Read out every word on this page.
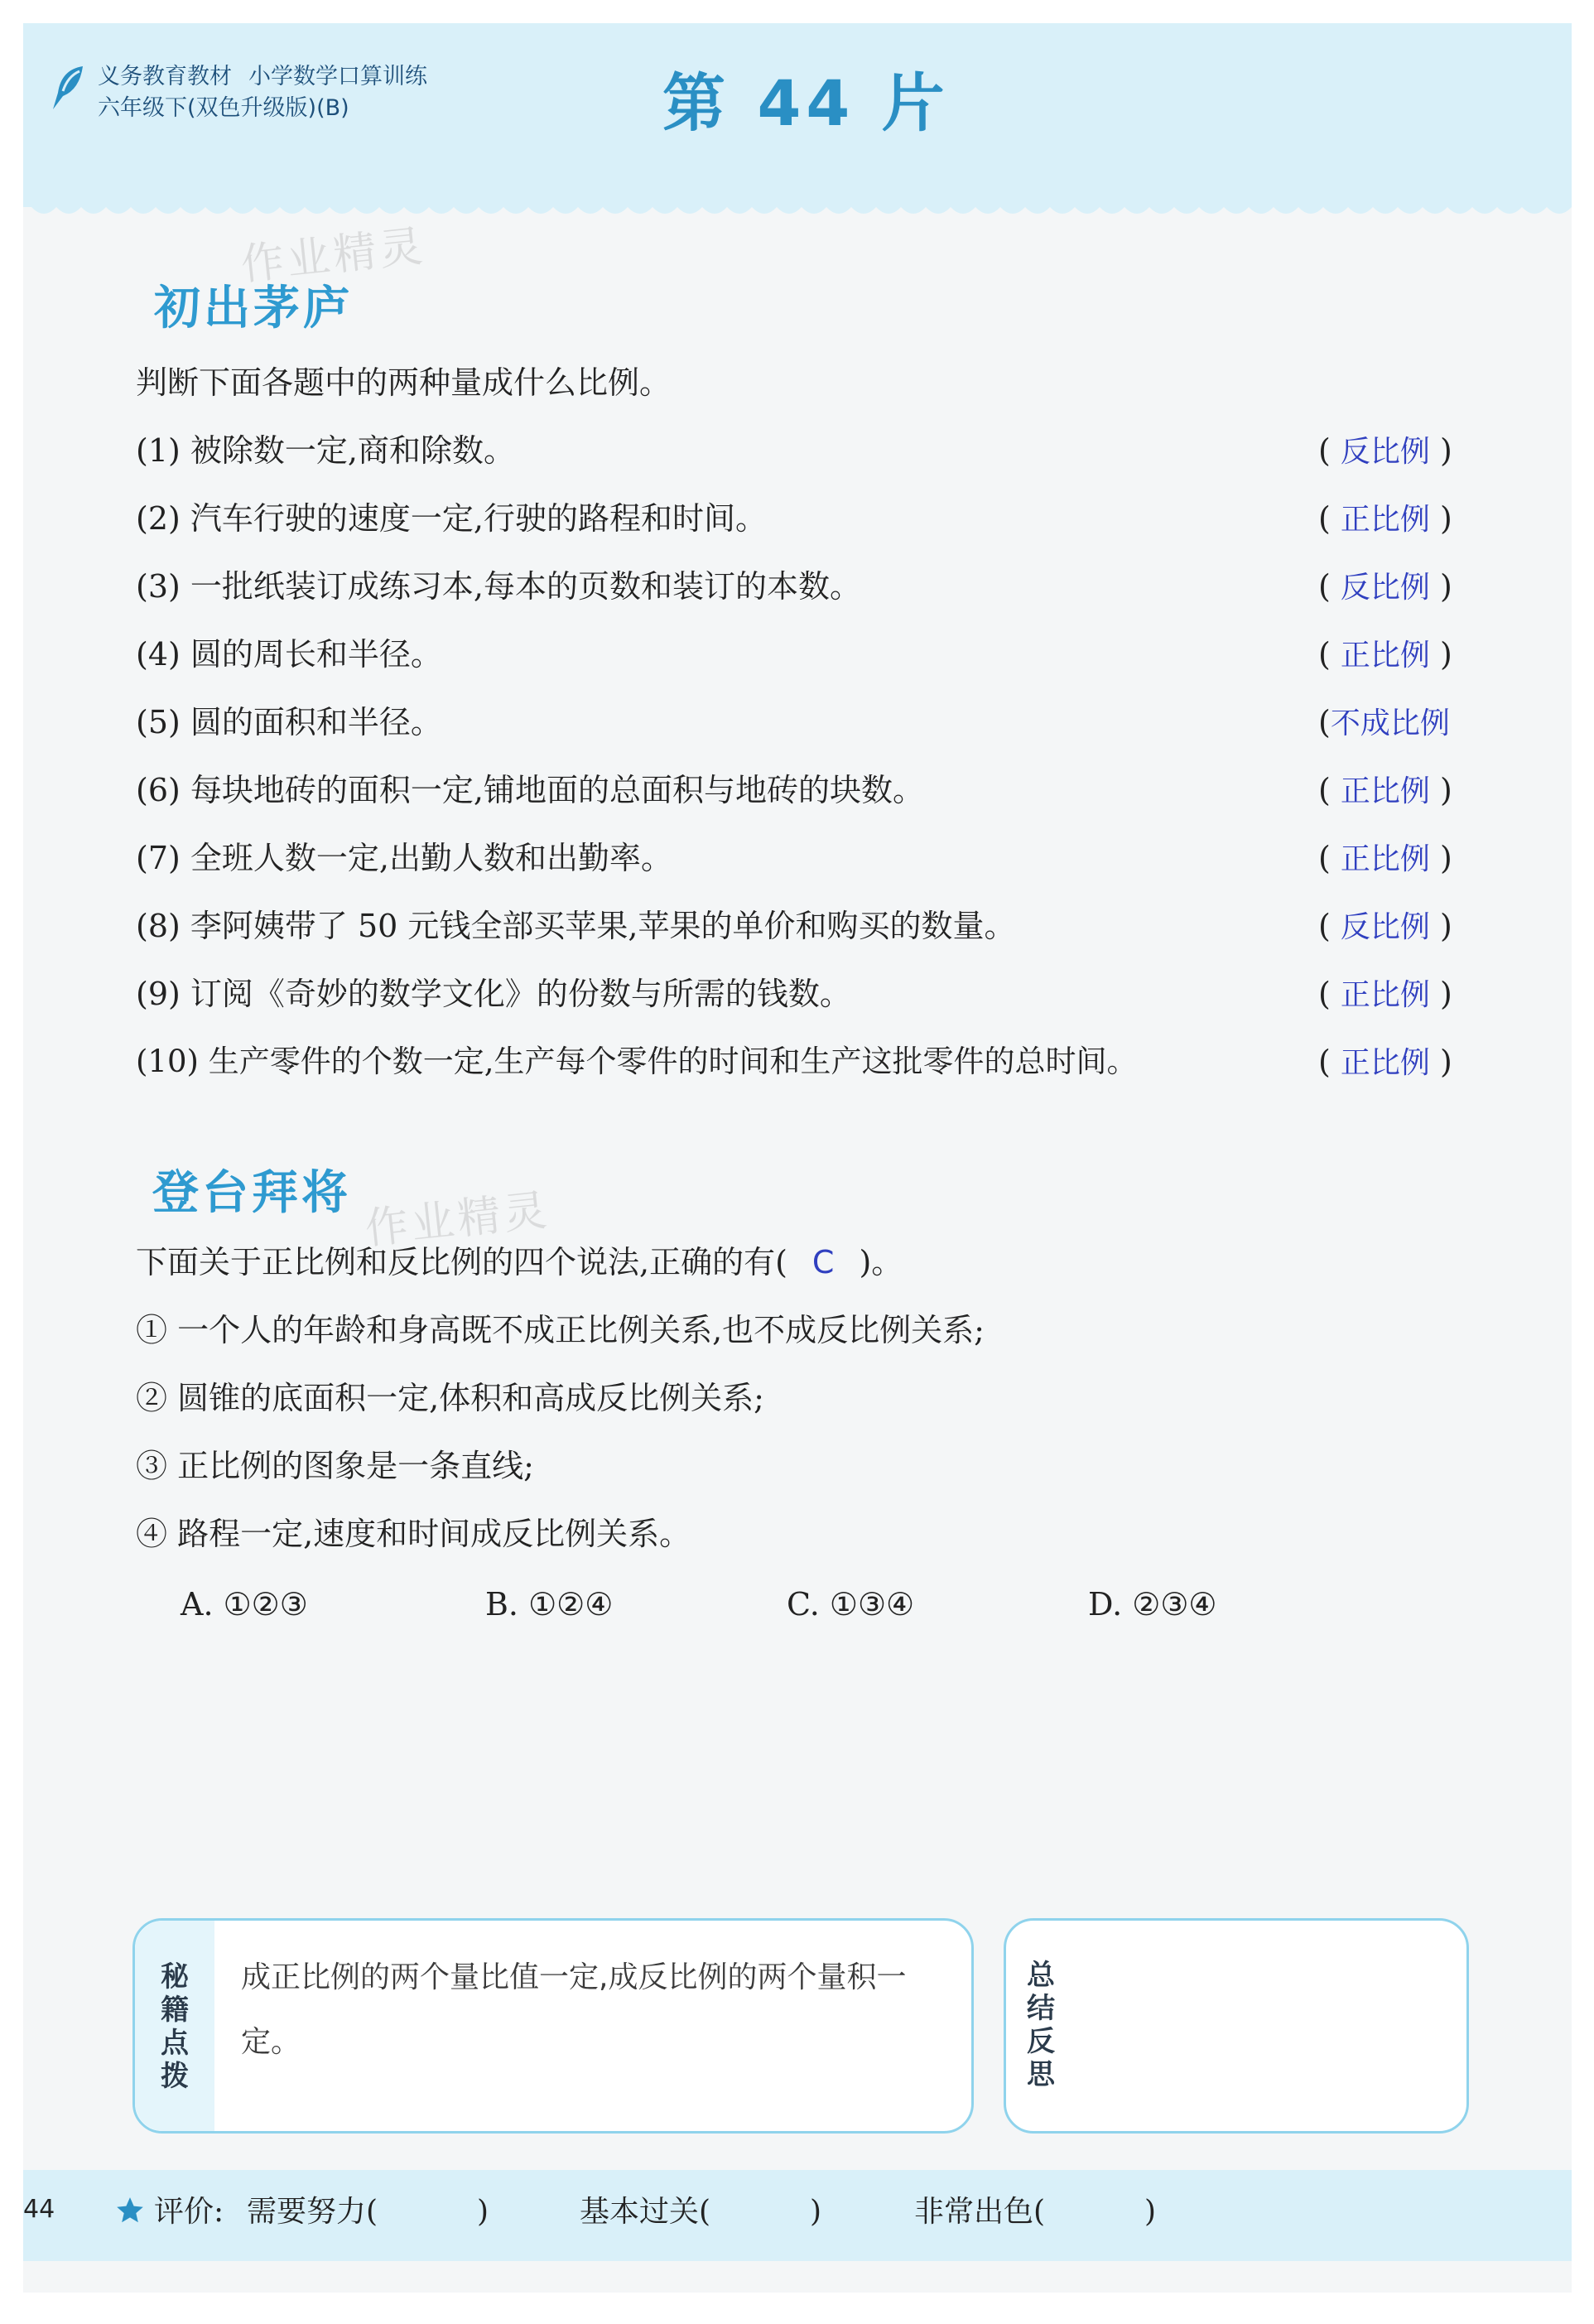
义务教育教材 小学数学口算训练
六年级下(双色升级版)(B)	第 44 片
作业精灵
初出茅庐
判断下面各题中的两种量成什么比例。
(1) 被除数一定,商和除数。	( 反比例 )
(2) 汽车行驶的速度一定,行驶的路程和时间。	( 正比例 )
(3) 一批纸装订成练习本,每本的页数和装订的本数。	( 反比例 )
(4) 圆的周长和半径。	( 正比例 )
(5) 圆的面积和半径。	(不成比例
(6) 每块地砖的面积一定,铺地面的总面积与地砖的块数。	( 正比例 )
(7) 全班人数一定,出勤人数和出勤率。	( 正比例 )
(8) 李阿姨带了 50 元钱全部买苹果,苹果的单价和购买的数量。	( 反比例 )
(9) 订阅《奇妙的数学文化》的份数与所需的钱数。	( 正比例 )
(10) 生产零件的个数一定,生产每个零件的时间和生产这批零件的总时间。	( 正比例 )
登台拜将 作业精灵
下面关于正比例和反比例的四个说法,正确的有( C )。
① 一个人的年龄和身高既不成正比例关系,也不成反比例关系;
② 圆锥的底面积一定,体积和高成反比例关系;
③ 正比例的图象是一条直线;
④ 路程一定,速度和时间成反比例关系。
A. ①②③	B. ①②④	C. ①③④	D. ②③④
秘
籍
点
拨
成正比例的两个量比值一定,成反比例的两个量积一定。
总
结
反
思
44	评价: 需要努力(	)	基本过关(	)	非常出色(	)
